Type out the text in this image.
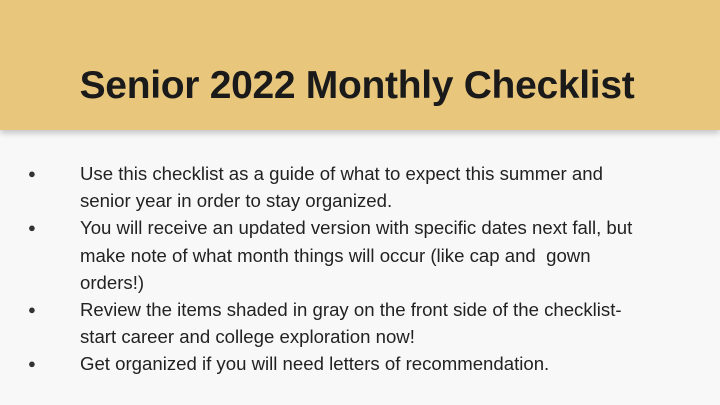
Senior 2022 Monthly Checklist
●	Use this checklist as a guide of what to expect this summer and
senior year in order to stay organized.
●	You will receive an updated version with specific dates next fall, but
make note of what month things will occur (like cap and  gown
orders!)
●	Review the items shaded in gray on the front side of the checklist-
start career and college exploration now!
●	Get organized if you will need letters of recommendation.
